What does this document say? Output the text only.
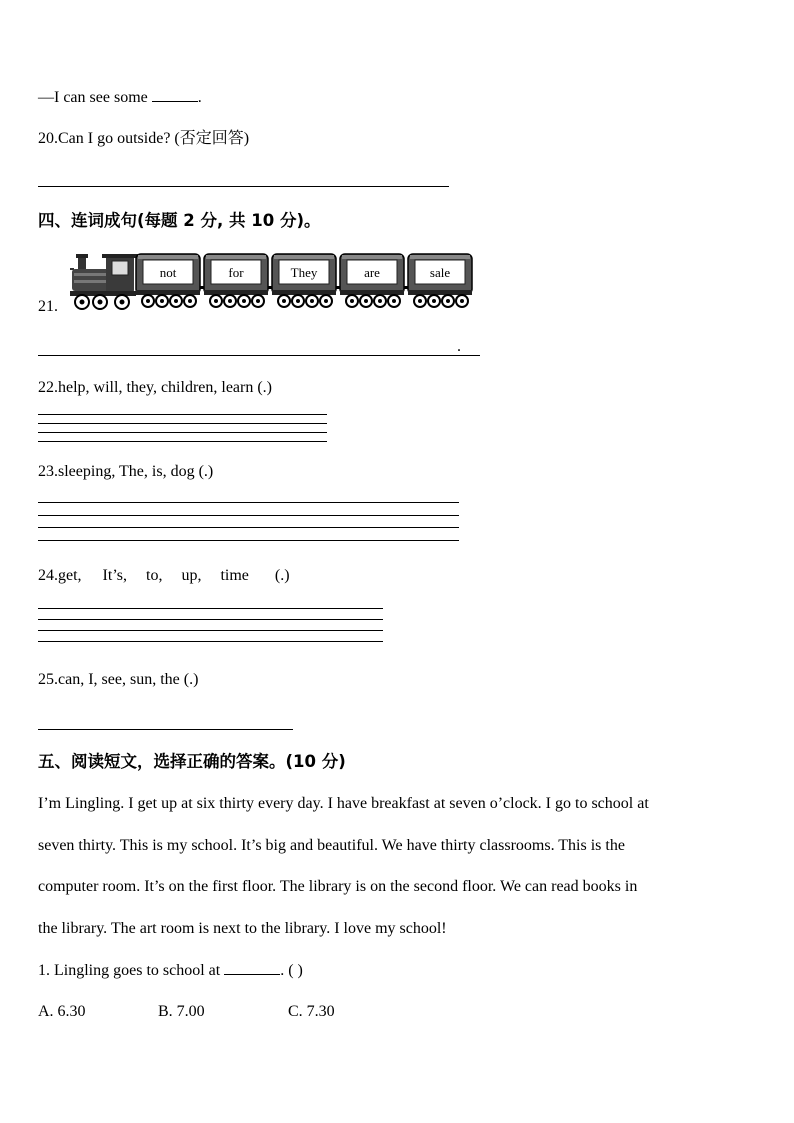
—I can see some	.
20.Can I go outside? (否定回答)
四、连词成句(每题 2 分, 共 10 分)。
21.
not	for	They	are	sale
.
22.help, will, they, children, learn (.)
23.sleeping, The, is, dog (.)
24.get, It’s, to, up, time (.)
25.can, I, see, sun, the (.)
五、阅读短文，选择正确的答案。(10 分)
I’m Lingling. I get up at six thirty every day. I have breakfast at seven o’clock. I go to school at
seven thirty. This is my school. It’s big and beautiful. We have thirty classrooms. This is the
computer room. It’s on the first floor. The library is on the second floor. We can read books in
the library. The art room is next to the library. I love my school!
1. Lingling goes to school at	. ( )
A. 6.30	B. 7.00	C. 7.30
